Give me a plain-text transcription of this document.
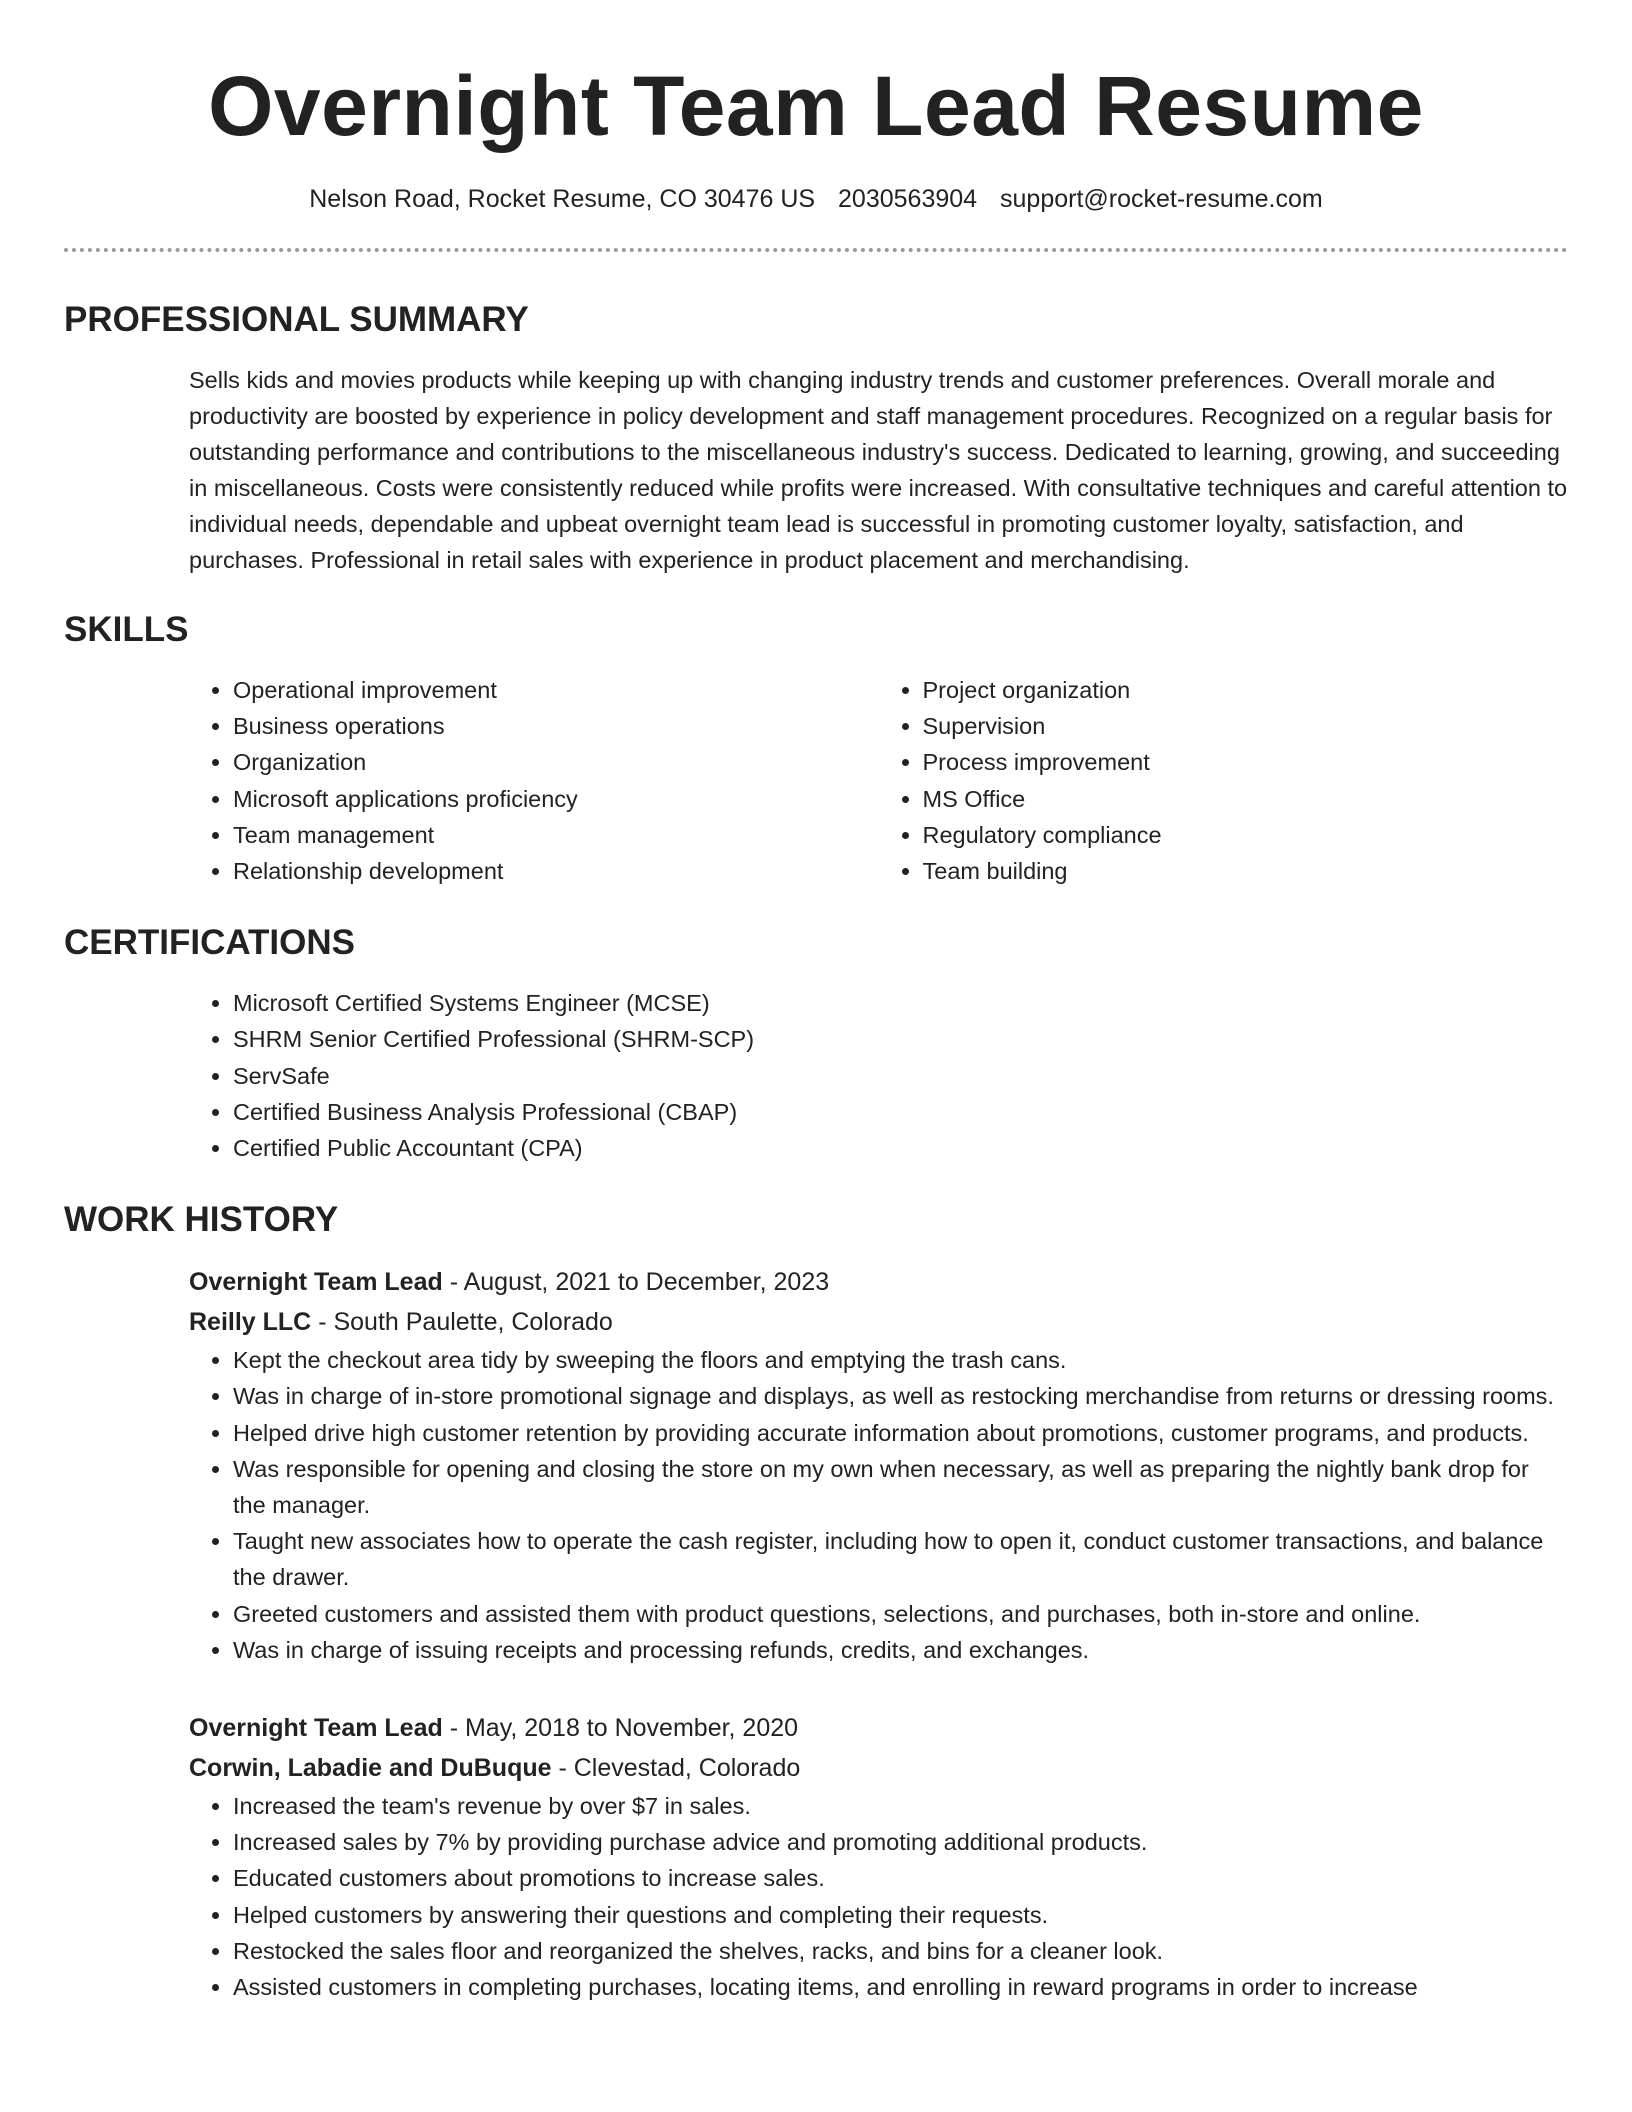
Overnight Team Lead Resume
Nelson Road, Rocket Resume, CO 30476 US 2030563904 support@rocket-resume.com
PROFESSIONAL SUMMARY
Sells kids and movies products while keeping up with changing industry trends and customer preferences. Overall morale and productivity are boosted by experience in policy development and staff management procedures. Recognized on a regular basis for outstanding performance and contributions to the miscellaneous industry's success. Dedicated to learning, growing, and succeeding in miscellaneous. Costs were consistently reduced while profits were increased. With consultative techniques and careful attention to individual needs, dependable and upbeat overnight team lead is successful in promoting customer loyalty, satisfaction, and purchases. Professional in retail sales with experience in product placement and merchandising.
SKILLS
• Operational improvement
• Business operations
• Organization
• Microsoft applications proficiency
• Team management
• Relationship development
• Project organization
• Supervision
• Process improvement
• MS Office
• Regulatory compliance
• Team building
CERTIFICATIONS
• Microsoft Certified Systems Engineer (MCSE)
• SHRM Senior Certified Professional (SHRM-SCP)
• ServSafe
• Certified Business Analysis Professional (CBAP)
• Certified Public Accountant (CPA)
WORK HISTORY
Overnight Team Lead - August, 2021 to December, 2023
Reilly LLC - South Paulette, Colorado
• Kept the checkout area tidy by sweeping the floors and emptying the trash cans.
• Was in charge of in-store promotional signage and displays, as well as restocking merchandise from returns or dressing rooms.
• Helped drive high customer retention by providing accurate information about promotions, customer programs, and products.
• Was responsible for opening and closing the store on my own when necessary, as well as preparing the nightly bank drop for the manager.
• Taught new associates how to operate the cash register, including how to open it, conduct customer transactions, and balance the drawer.
• Greeted customers and assisted them with product questions, selections, and purchases, both in-store and online.
• Was in charge of issuing receipts and processing refunds, credits, and exchanges.
Overnight Team Lead - May, 2018 to November, 2020
Corwin, Labadie and DuBuque - Clevestad, Colorado
• Increased the team's revenue by over $7 in sales.
• Increased sales by 7% by providing purchase advice and promoting additional products.
• Educated customers about promotions to increase sales.
• Helped customers by answering their questions and completing their requests.
• Restocked the sales floor and reorganized the shelves, racks, and bins for a cleaner look.
• Assisted customers in completing purchases, locating items, and enrolling in reward programs in order to increase
